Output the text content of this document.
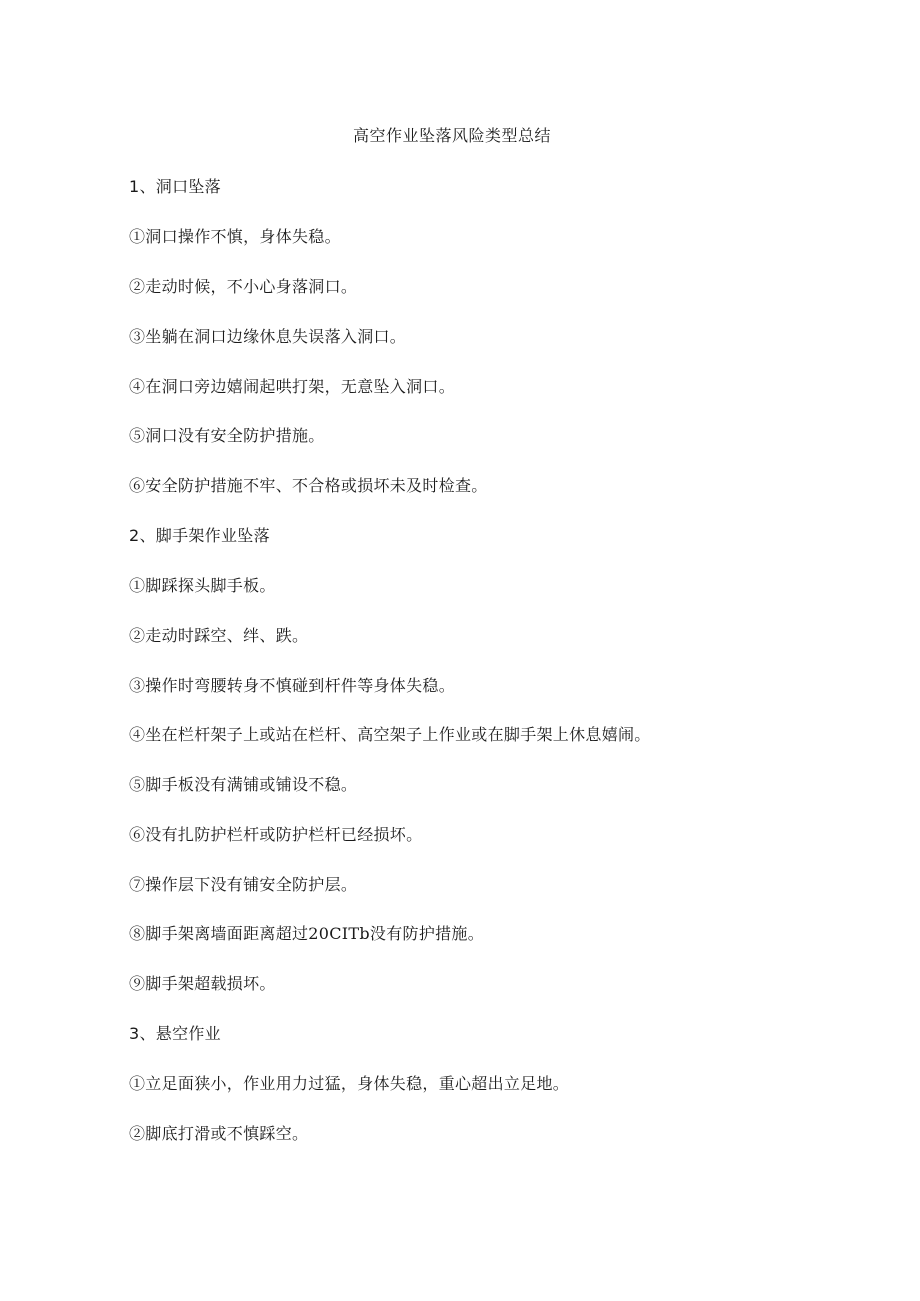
高空作业坠落风险类型总结
1、洞口坠落
①洞口操作不慎，身体失稳。
②走动时候，不小心身落洞口。
③坐躺在洞口边缘休息失误落入洞口。
④在洞口旁边嬉闹起哄打架，无意坠入洞口。
⑤洞口没有安全防护措施。
⑥安全防护措施不牢、不合格或损坏未及时检查。
2、脚手架作业坠落
①脚踩探头脚手板。
②走动时踩空、绊、跌。
③操作时弯腰转身不慎碰到杆件等身体失稳。
④坐在栏杆架子上或站在栏杆、高空架子上作业或在脚手架上休息嬉闹。
⑤脚手板没有满铺或铺设不稳。
⑥没有扎防护栏杆或防护栏杆已经损坏。
⑦操作层下没有铺安全防护层。
⑧脚手架离墙面距离超过20CITb没有防护措施。
⑨脚手架超载损坏。
3、悬空作业
①立足面狭小，作业用力过猛，身体失稳，重心超出立足地。
②脚底打滑或不慎踩空。
